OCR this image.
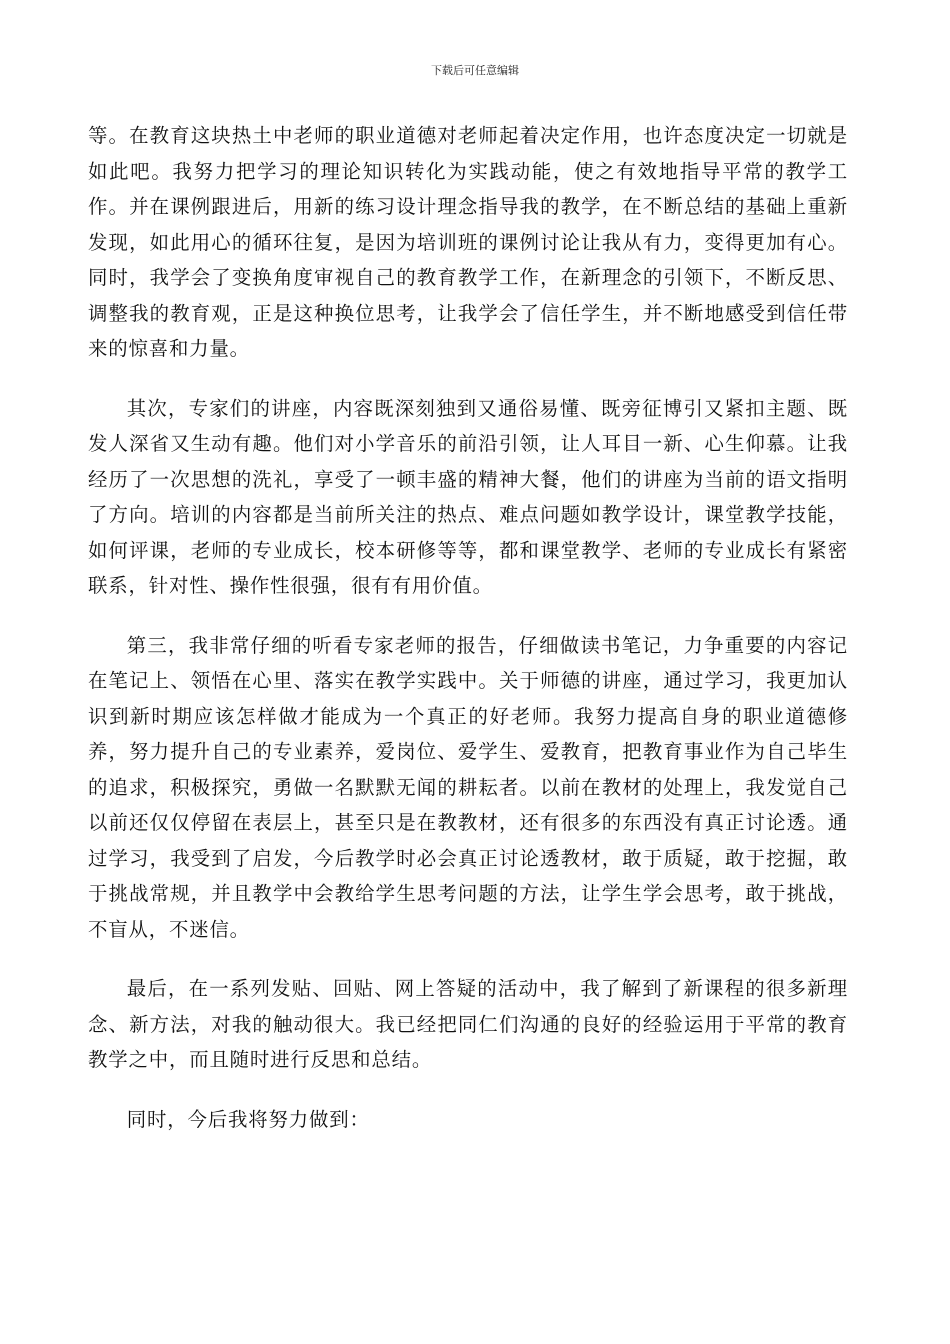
下载后可任意编辑

等。在教育这块热土中老师的职业道德对老师起着决定作用，也许态度决定一切就是如此吧。我努力把学习的理论知识转化为实践动能，使之有效地指导平常的教学工作。并在课例跟进后，用新的练习设计理念指导我的教学，在不断总结的基础上重新发现，如此用心的循环往复，是因为培训班的课例讨论让我从有力，变得更加有心。同时，我学会了变换角度审视自己的教育教学工作，在新理念的引领下，不断反思、调整我的教育观，正是这种换位思考，让我学会了信任学生，并不断地感受到信任带来的惊喜和力量。

其次，专家们的讲座，内容既深刻独到又通俗易懂、既旁征博引又紧扣主题、既发人深省又生动有趣。他们对小学音乐的前沿引领，让人耳目一新、心生仰慕。让我经历了一次思想的洗礼，享受了一顿丰盛的精神大餐，他们的讲座为当前的语文指明了方向。培训的内容都是当前所关注的热点、难点问题如教学设计，课堂教学技能，如何评课，老师的专业成长，校本研修等等，都和课堂教学、老师的专业成长有紧密联系，针对性、操作性很强，很有有用价值。

第三，我非常仔细的听看专家老师的报告，仔细做读书笔记，力争重要的内容记在笔记上、领悟在心里、落实在教学实践中。关于师德的讲座，通过学习，我更加认识到新时期应该怎样做才能成为一个真正的好老师。我努力提高自身的职业道德修养，努力提升自己的专业素养，爱岗位、爱学生、爱教育，把教育事业作为自己毕生的追求，积极探究，勇做一名默默无闻的耕耘者。以前在教材的处理上，我发觉自己以前还仅仅停留在表层上，甚至只是在教教材，还有很多的东西没有真正讨论透。通过学习，我受到了启发，今后教学时必会真正讨论透教材，敢于质疑，敢于挖掘，敢于挑战常规，并且教学中会教给学生思考问题的方法，让学生学会思考，敢于挑战，不盲从，不迷信。

最后，在一系列发贴、回贴、网上答疑的活动中，我了解到了新课程的很多新理念、新方法，对我的触动很大。我已经把同仁们沟通的良好的经验运用于平常的教育教学之中，而且随时进行反思和总结。

同时，今后我将努力做到：
